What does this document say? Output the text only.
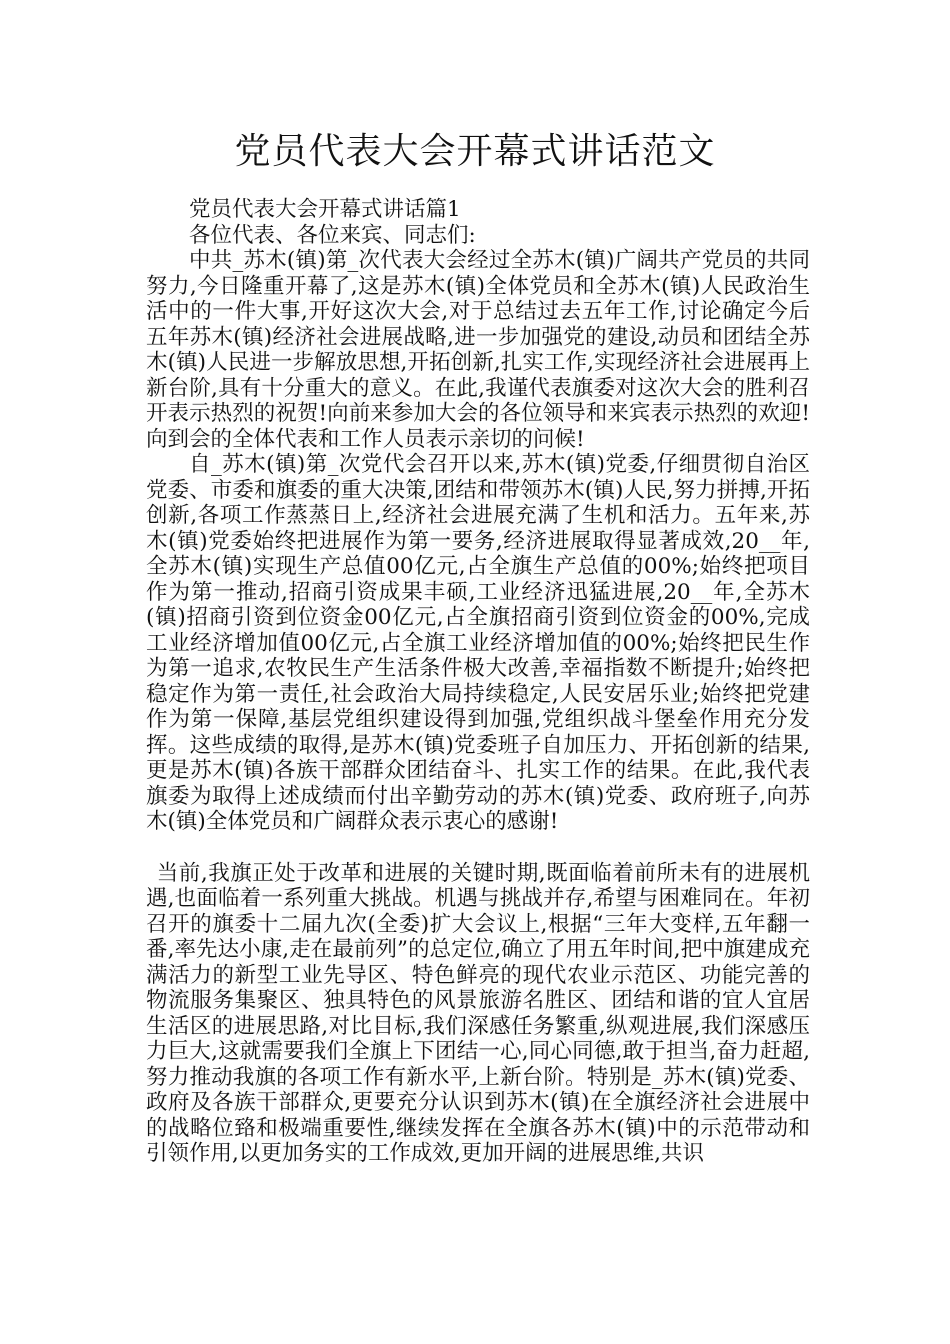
党员代表大会开幕式讲话范文

党员代表大会开幕式讲话篇1

各位代表、各位来宾、同志们:

中共_苏木(镇)第_次代表大会经过全苏木(镇)广阔共产党员的共同努力,今日隆重开幕了,这是苏木(镇)全体党员和全苏木(镇)人民政治生活中的一件大事,开好这次大会,对于总结过去五年工作,讨论确定今后五年苏木(镇)经济社会进展战略,进一步加强党的建设,动员和团结全苏木(镇)人民进一步解放思想,开拓创新,扎实工作,实现经济社会进展再上新台阶,具有十分重大的意义。在此,我谨代表旗委对这次大会的胜利召开表示热烈的祝贺!向前来参加大会的各位领导和来宾表示热烈的欢迎!向到会的全体代表和工作人员表示亲切的问候!

自_苏木(镇)第_次党代会召开以来,苏木(镇)党委,仔细贯彻自治区党委、市委和旗委的重大决策,团结和带领苏木(镇)人民,努力拼搏,开拓创新,各项工作蒸蒸日上,经济社会进展充满了生机和活力。五年来,苏木(镇)党委始终把进展作为第一要务,经济进展取得显著成效,20__年,全苏木(镇)实现生产总值00亿元,占全旗生产总值的00%;始终把项目作为第一推动,招商引资成果丰硕,工业经济迅猛进展,20__年,全苏木(镇)招商引资到位资金00亿元,占全旗招商引资到位资金的00%,完成工业经济增加值00亿元,占全旗工业经济增加值的00%;始终把民生作为第一追求,农牧民生产生活条件极大改善,幸福指数不断提升;始终把稳定作为第一责任,社会政治大局持续稳定,人民安居乐业;始终把党建作为第一保障,基层党组织建设得到加强,党组织战斗堡垒作用充分发挥。这些成绩的取得,是苏木(镇)党委班子自加压力、开拓创新的结果,更是苏木(镇)各族干部群众团结奋斗、扎实工作的结果。在此,我代表旗委为取得上述成绩而付出辛勤劳动的苏木(镇)党委、政府班子,向苏木(镇)全体党员和广阔群众表示衷心的感谢!

当前,我旗正处于改革和进展的关键时期,既面临着前所未有的进展机遇,也面临着一系列重大挑战。机遇与挑战并存,希望与困难同在。年初召开的旗委十二届九次(全委)扩大会议上,根据“三年大变样,五年翻一番,率先达小康,走在最前列”的总定位,确立了用五年时间,把中旗建成充满活力的新型工业先导区、特色鲜亮的现代农业示范区、功能完善的物流服务集聚区、独具特色的风景旅游名胜区、团结和谐的宜人宜居生活区的进展思路,对比目标,我们深感任务繁重,纵观进展,我们深感压力巨大,这就需要我们全旗上下团结一心,同心同德,敢于担当,奋力赶超,努力推动我旗的各项工作有新水平,上新台阶。特别是_苏木(镇)党委、政府及各族干部群众,更要充分认识到苏木(镇)在全旗经济社会进展中的战略位臵和极端重要性,继续发挥在全旗各苏木(镇)中的示范带动和引领作用,以更加务实的工作成效,更加开阔的进展思维,共识
